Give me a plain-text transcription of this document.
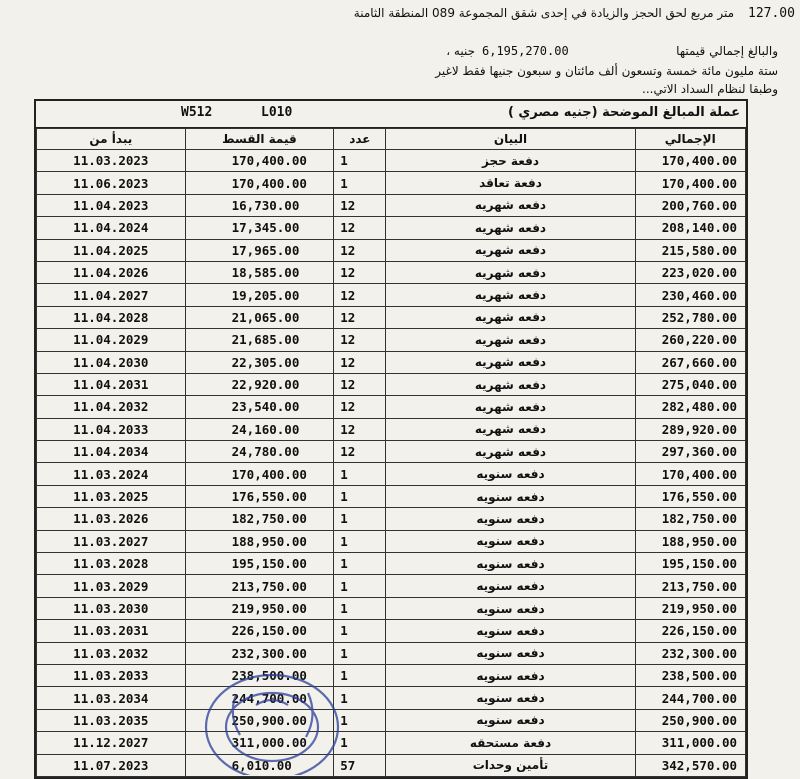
127.00
متر مربع لحق الحجز والزيادة في إحدى شقق المجموعة 089 المنطقة الثامنة
6,195,270.00
جنيه ،	والبالغ إجمالي قيمتها
ستة مليون مائة خمسة وتسعون ألف مائتان و سبعون جنيها فقط لاغير
وطبقا لنظام السداد الاتي...
W512	L010	عملة المبالغ الموضحة (جنيه مصري )
يبدأ من	قيمة القسط	عدد	البيان	الإجمالي
11.03.2023	170,400.00	1	دفعة حجز	170,400.00
11.06.2023	170,400.00	1	دفعة تعاقد	170,400.00
11.04.2023	16,730.00	12	دفعه شهريه	200,760.00
11.04.2024	17,345.00	12	دفعه شهريه	208,140.00
11.04.2025	17,965.00	12	دفعه شهريه	215,580.00
11.04.2026	18,585.00	12	دفعه شهريه	223,020.00
11.04.2027	19,205.00	12	دفعه شهريه	230,460.00
11.04.2028	21,065.00	12	دفعه شهريه	252,780.00
11.04.2029	21,685.00	12	دفعه شهريه	260,220.00
11.04.2030	22,305.00	12	دفعه شهريه	267,660.00
11.04.2031	22,920.00	12	دفعه شهريه	275,040.00
11.04.2032	23,540.00	12	دفعه شهريه	282,480.00
11.04.2033	24,160.00	12	دفعه شهريه	289,920.00
11.04.2034	24,780.00	12	دفعه شهريه	297,360.00
11.03.2024	170,400.00	1	دفعه سنويه	170,400.00
11.03.2025	176,550.00	1	دفعه سنويه	176,550.00
11.03.2026	182,750.00	1	دفعه سنويه	182,750.00
11.03.2027	188,950.00	1	دفعه سنويه	188,950.00
11.03.2028	195,150.00	1	دفعه سنويه	195,150.00
11.03.2029	213,750.00	1	دفعه سنويه	213,750.00
11.03.2030	219,950.00	1	دفعه سنويه	219,950.00
11.03.2031	226,150.00	1	دفعه سنويه	226,150.00
11.03.2032	232,300.00	1	دفعه سنويه	232,300.00
11.03.2033	238,500.00	1	دفعه سنويه	238,500.00
11.03.2034	244,700.00	1	دفعه سنويه	244,700.00
11.03.2035	250,900.00	1	دفعه سنويه	250,900.00
11.12.2027	311,000.00	1	دفعة مستحقه	311,000.00
11.07.2023	6,010.00	57	تأمين وحدات	342,570.00
